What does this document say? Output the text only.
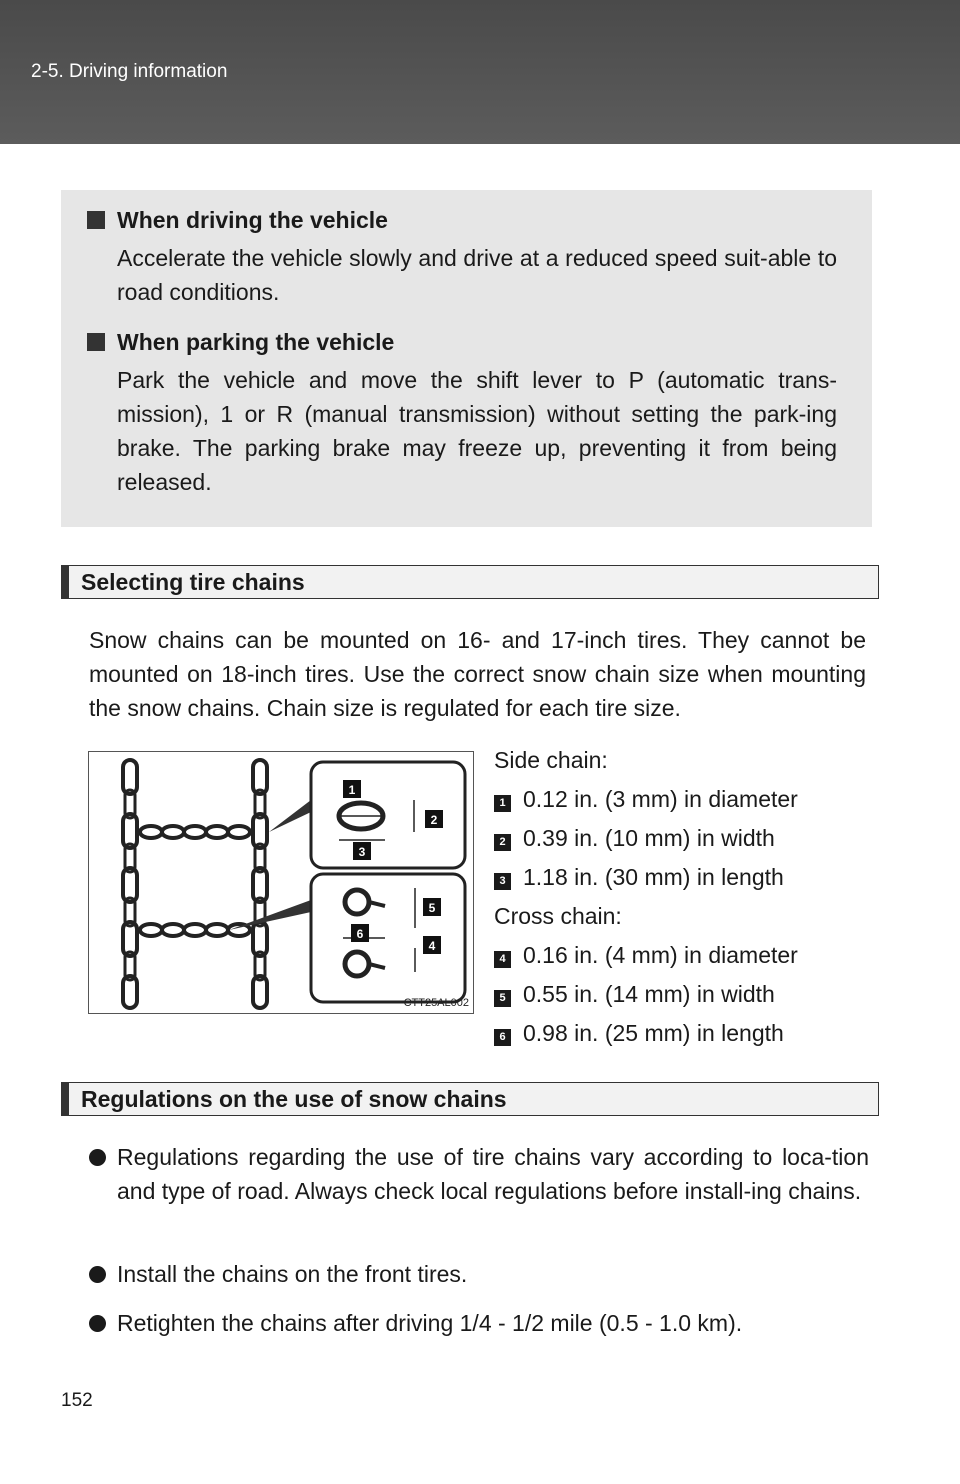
2-5. Driving information
When driving the vehicle
Accelerate the vehicle slowly and drive at a reduced speed suit-able to road conditions.
When parking the vehicle
Park the vehicle and move the shift lever to P (automatic trans-mission), 1 or R (manual transmission) without setting the park-ing brake. The parking brake may freeze up, preventing it from being released.
Selecting tire chains
Snow chains can be mounted on 16- and 17-inch tires. They cannot be mounted on 18-inch tires. Use the correct snow chain size when mounting the snow chains. Chain size is regulated for each tire size.
1
2
3
4
5
6
CTT25AL002
Side chain:
1 0.12 in. (3 mm) in diameter
2 0.39 in. (10 mm) in width
3 1.18 in. (30 mm) in length
Cross chain:
4 0.16 in. (4 mm) in diameter
5 0.55 in. (14 mm) in width
6 0.98 in. (25 mm) in length
Regulations on the use of snow chains
Regulations regarding the use of tire chains vary according to loca-tion and type of road. Always check local regulations before install-ing chains.
Install the chains on the front tires.
Retighten the chains after driving 1/4 - 1/2 mile (0.5 - 1.0 km).
152
